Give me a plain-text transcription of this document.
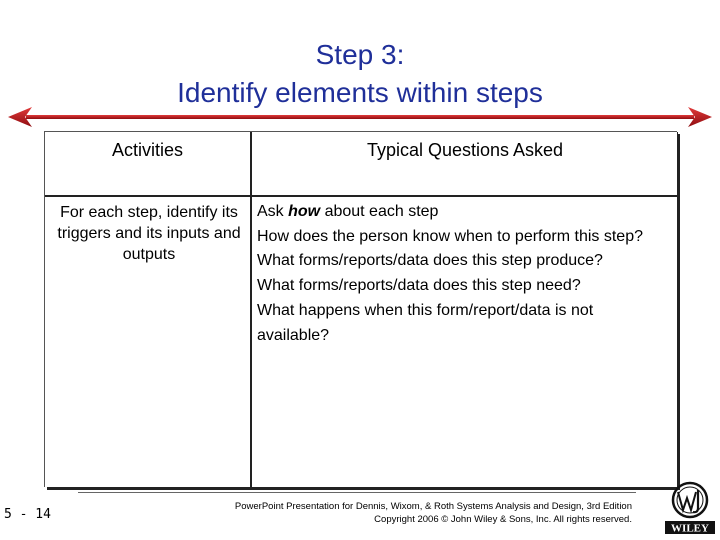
Step 3:
Identify elements within steps
Activities	Typical Questions Asked
For each step, identify its triggers and its inputs and outputs
Ask how about each step
How does the person know when to perform this step?
What forms/reports/data does this step produce?
What forms/reports/data does this step need?
What happens when this form/report/data is not available?
5 - 14
PowerPoint Presentation for Dennis, Wixom, & Roth Systems Analysis and Design, 3rd Edition
Copyright 2006 © John Wiley & Sons, Inc. All rights reserved.
WILEY
